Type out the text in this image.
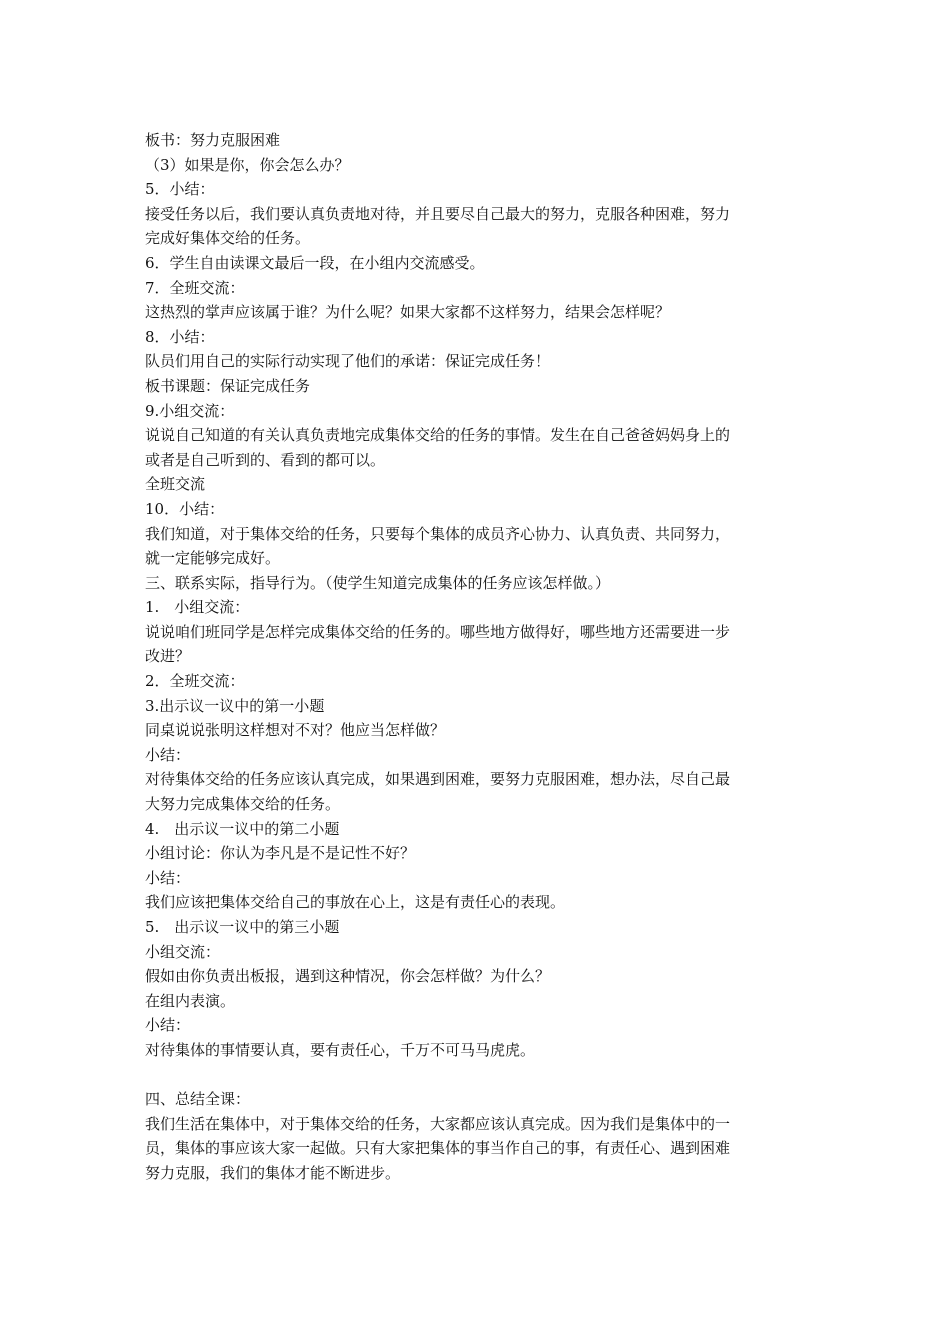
板书：努力克服困难

（3）如果是你，你会怎么办？

5．小结：

接受任务以后，我们要认真负责地对待，并且要尽自己最大的努力，克服各种困难，努力

完成好集体交给的任务。

6．学生自由读课文最后一段，在小组内交流感受。

7．全班交流：

这热烈的掌声应该属于谁？为什么呢？如果大家都不这样努力，结果会怎样呢？

8．小结：

队员们用自己的实际行动实现了他们的承诺：保证完成任务！

板书课题：保证完成任务

9.小组交流：

说说自己知道的有关认真负责地完成集体交给的任务的事情。发生在自己爸爸妈妈身上的

或者是自己听到的、看到的都可以。

全班交流

10．小结：

我们知道，对于集体交给的任务，只要每个集体的成员齐心协力、认真负责、共同努力，

就一定能够完成好。

三、联系实际，指导行为。（使学生知道完成集体的任务应该怎样做。）

1.　小组交流：

说说咱们班同学是怎样完成集体交给的任务的。哪些地方做得好，哪些地方还需要进一步

改进？

2．全班交流：

3.出示议一议中的第一小题

同桌说说张明这样想对不对？他应当怎样做？

小结：

对待集体交给的任务应该认真完成，如果遇到困难，要努力克服困难，想办法，尽自己最

大努力完成集体交给的任务。

4.　出示议一议中的第二小题

小组讨论：你认为李凡是不是记性不好？

小结：

我们应该把集体交给自己的事放在心上，这是有责任心的表现。

5.　出示议一议中的第三小题

小组交流：

假如由你负责出板报，遇到这种情况，你会怎样做？为什么？

在组内表演。

小结：

对待集体的事情要认真，要有责任心，千万不可马马虎虎。

四、总结全课：

我们生活在集体中，对于集体交给的任务，大家都应该认真完成。因为我们是集体中的一

员，集体的事应该大家一起做。只有大家把集体的事当作自己的事，有责任心、遇到困难

努力克服，我们的集体才能不断进步。
